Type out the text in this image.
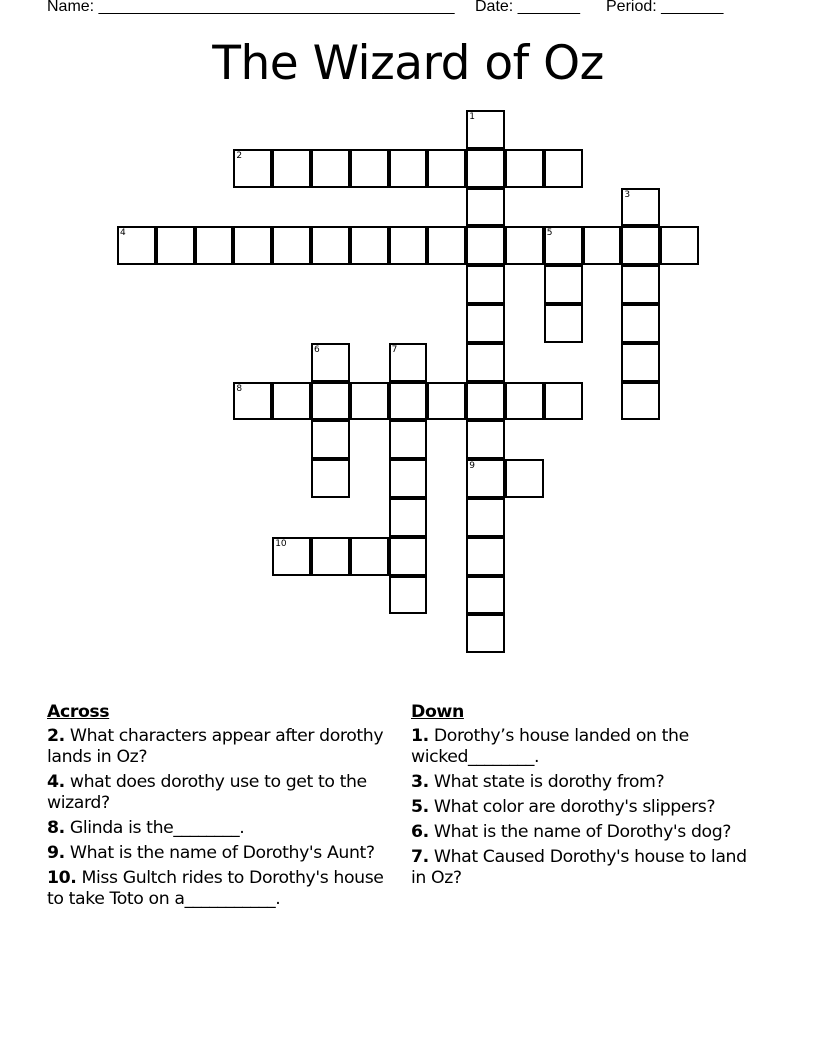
Name: ________________________________________ Date: _______ Period: _______
The Wizard of Oz
1
9
2
3
4	5
6	7
8
10
Across
2. What characters appear after dorothy lands in Oz?
4. what does dorothy use to get to the wizard?
8. Glinda is the________.
9. What is the name of Dorothy's Aunt?
10. Miss Gultch rides to Dorothy's house to take Toto on a___________.
Down
1. Dorothy’s house landed on the wicked________.
3. What state is dorothy from?
5. What color are dorothy's slippers?
6. What is the name of Dorothy's dog?
7. What Caused Dorothy's house to land in Oz?
